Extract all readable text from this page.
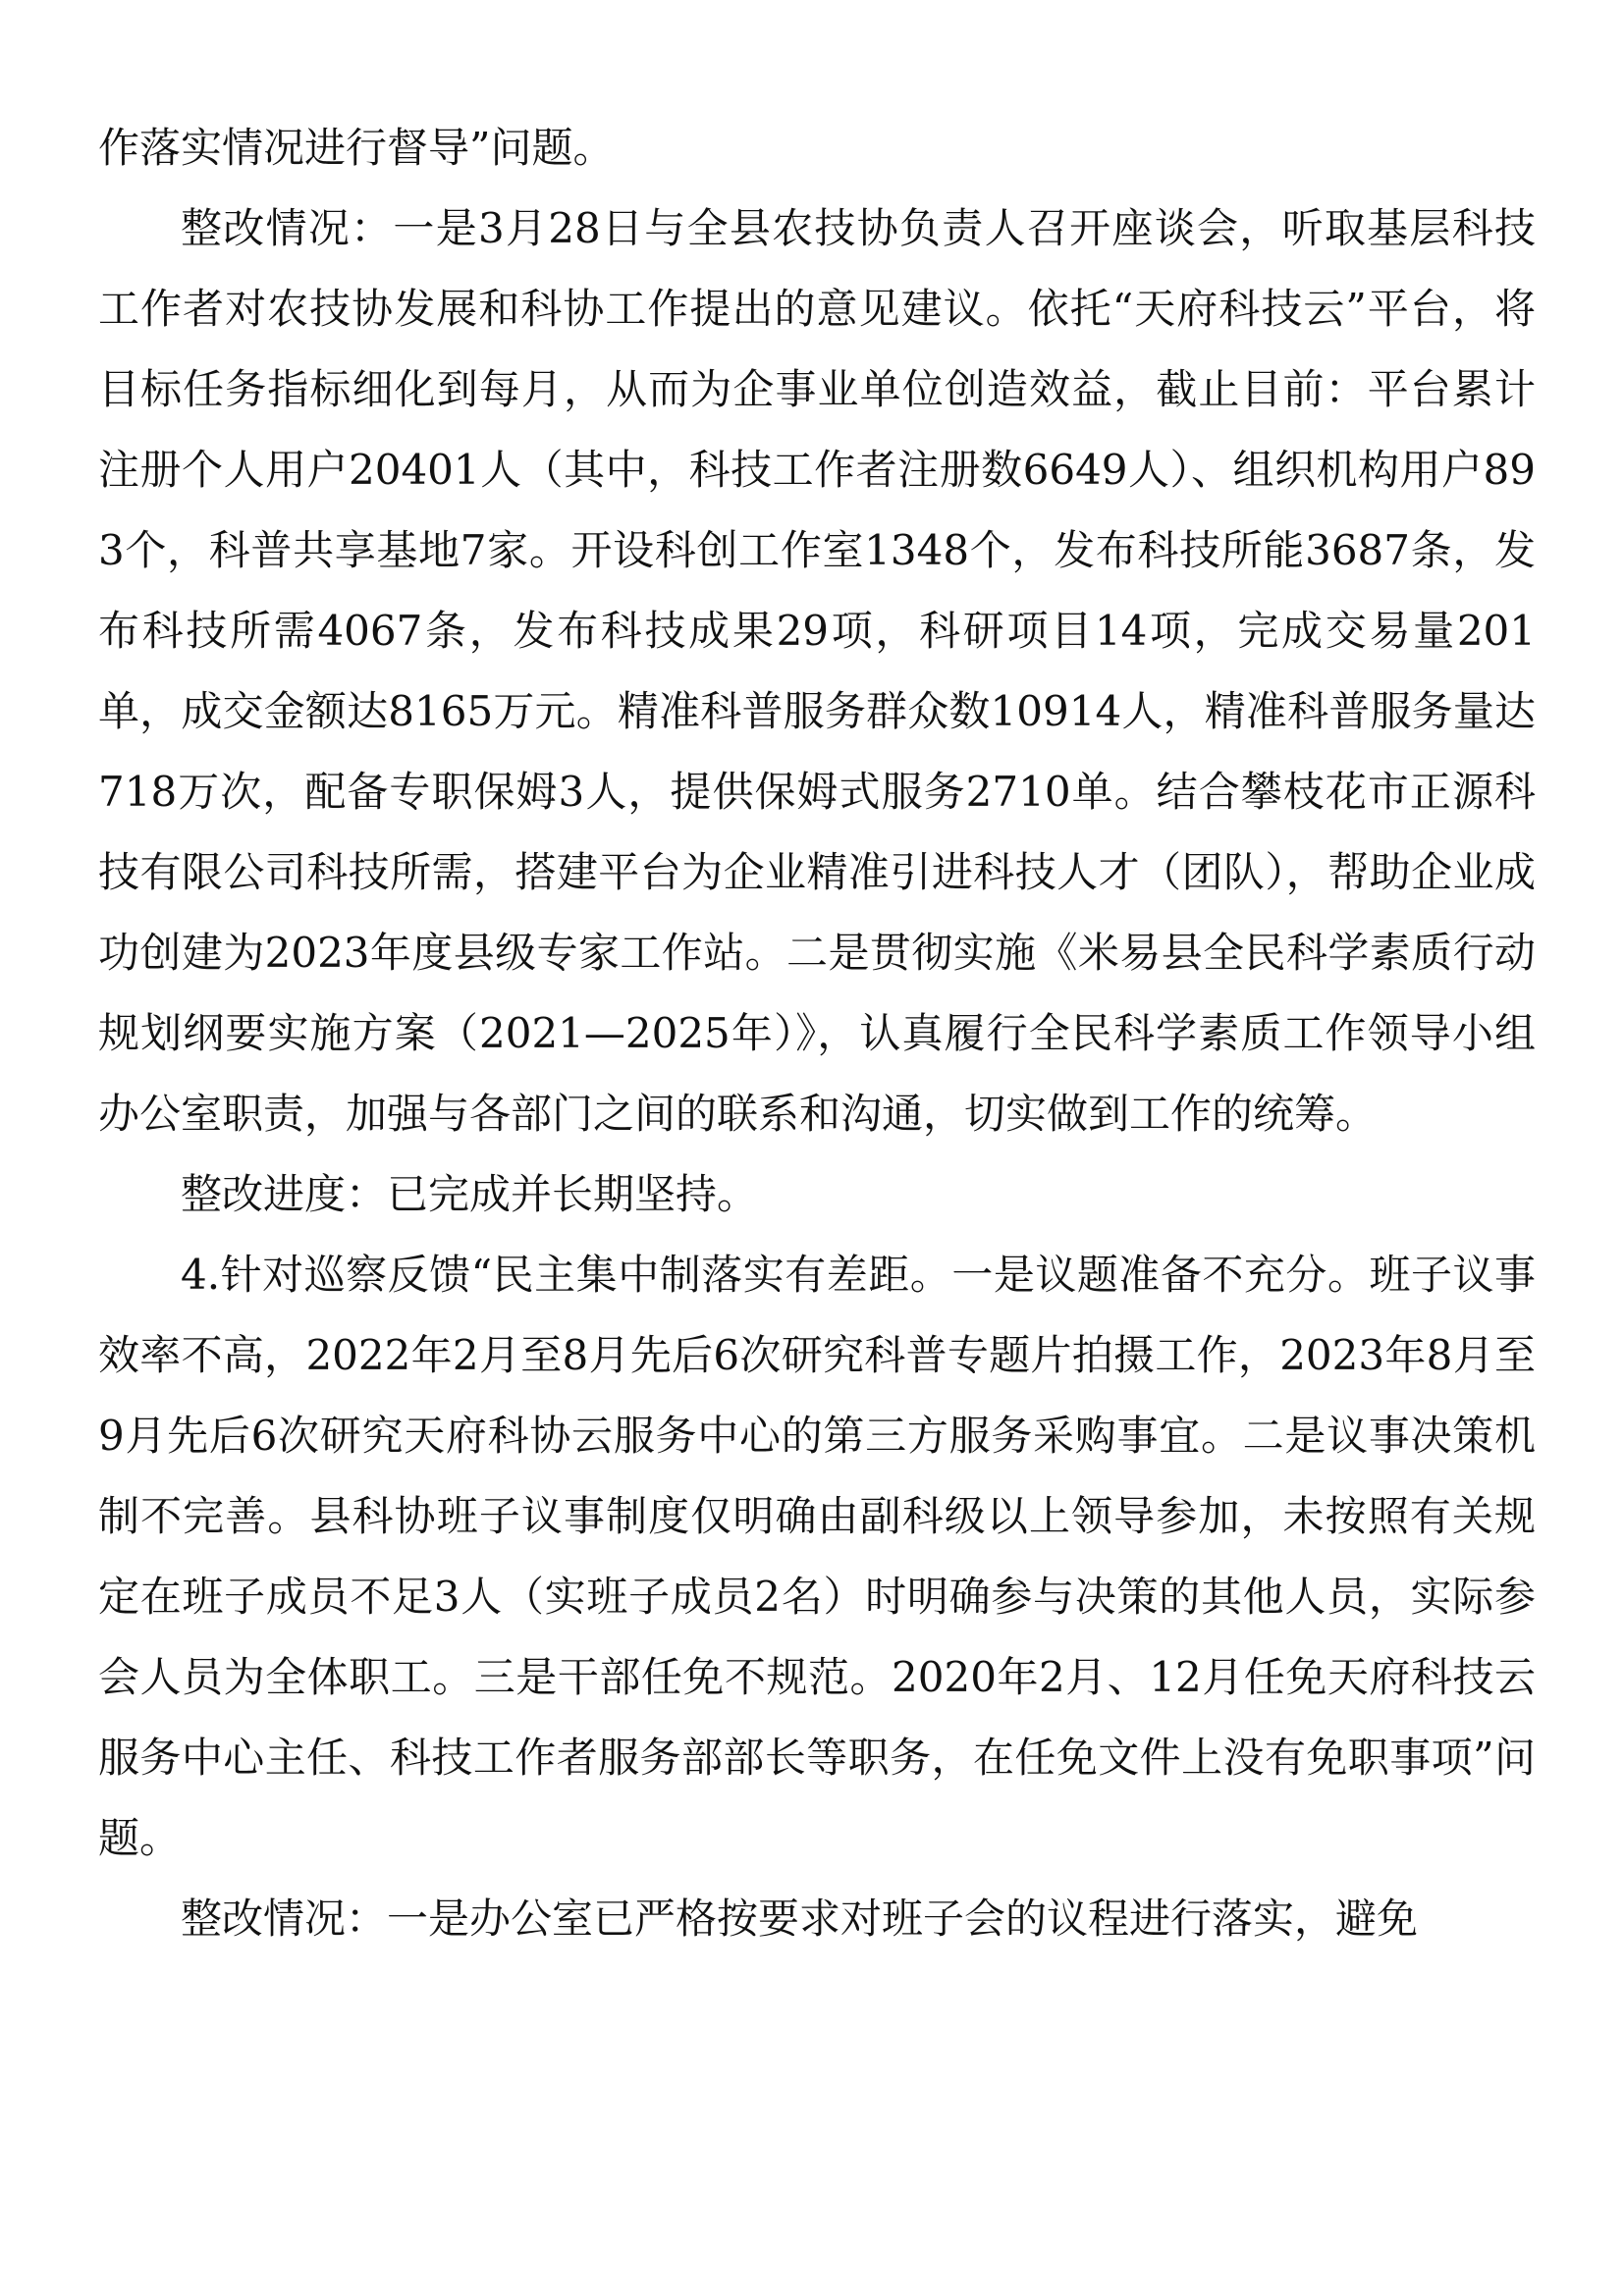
作落实情况进行督导”问题。

整改情况：一是3月28日与全县农技协负责人召开座谈会，听取基层科技工作者对农技协发展和科协工作提出的意见建议。依托“天府科技云”平台，将目标任务指标细化到每月，从而为企事业单位创造效益，截止目前：平台累计注册个人用户20401人（其中，科技工作者注册数6649人）、组织机构用户893个，科普共享基地7家。开设科创工作室1348个，发布科技所能3687条，发布科技所需4067条，发布科技成果29项，科研项目14项，完成交易量201单，成交金额达8165万元。精准科普服务群众数10914人，精准科普服务量达718万次，配备专职保姆3人，提供保姆式服务2710单。结合攀枝花市正源科技有限公司科技所需，搭建平台为企业精准引进科技人才（团队），帮助企业成功创建为2023年度县级专家工作站。二是贯彻实施《米易县全民科学素质行动规划纲要实施方案（2021—2025年）》，认真履行全民科学素质工作领导小组办公室职责，加强与各部门之间的联系和沟通，切实做到工作的统筹。

整改进度：已完成并长期坚持。

4.针对巡察反馈“民主集中制落实有差距。一是议题准备不充分。班子议事效率不高，2022年2月至8月先后6次研究科普专题片拍摄工作，2023年8月至9月先后6次研究天府科协云服务中心的第三方服务采购事宜。二是议事决策机制不完善。县科协班子议事制度仅明确由副科级以上领导参加，未按照有关规定在班子成员不足3人（实班子成员2名）时明确参与决策的其他人员，实际参会人员为全体职工。三是干部任免不规范。2020年2月、12月任免天府科技云服务中心主任、科技工作者服务部部长等职务，在任免文件上没有免职事项”问题。

整改情况：一是办公室已严格按要求对班子会的议程进行落实，避免
